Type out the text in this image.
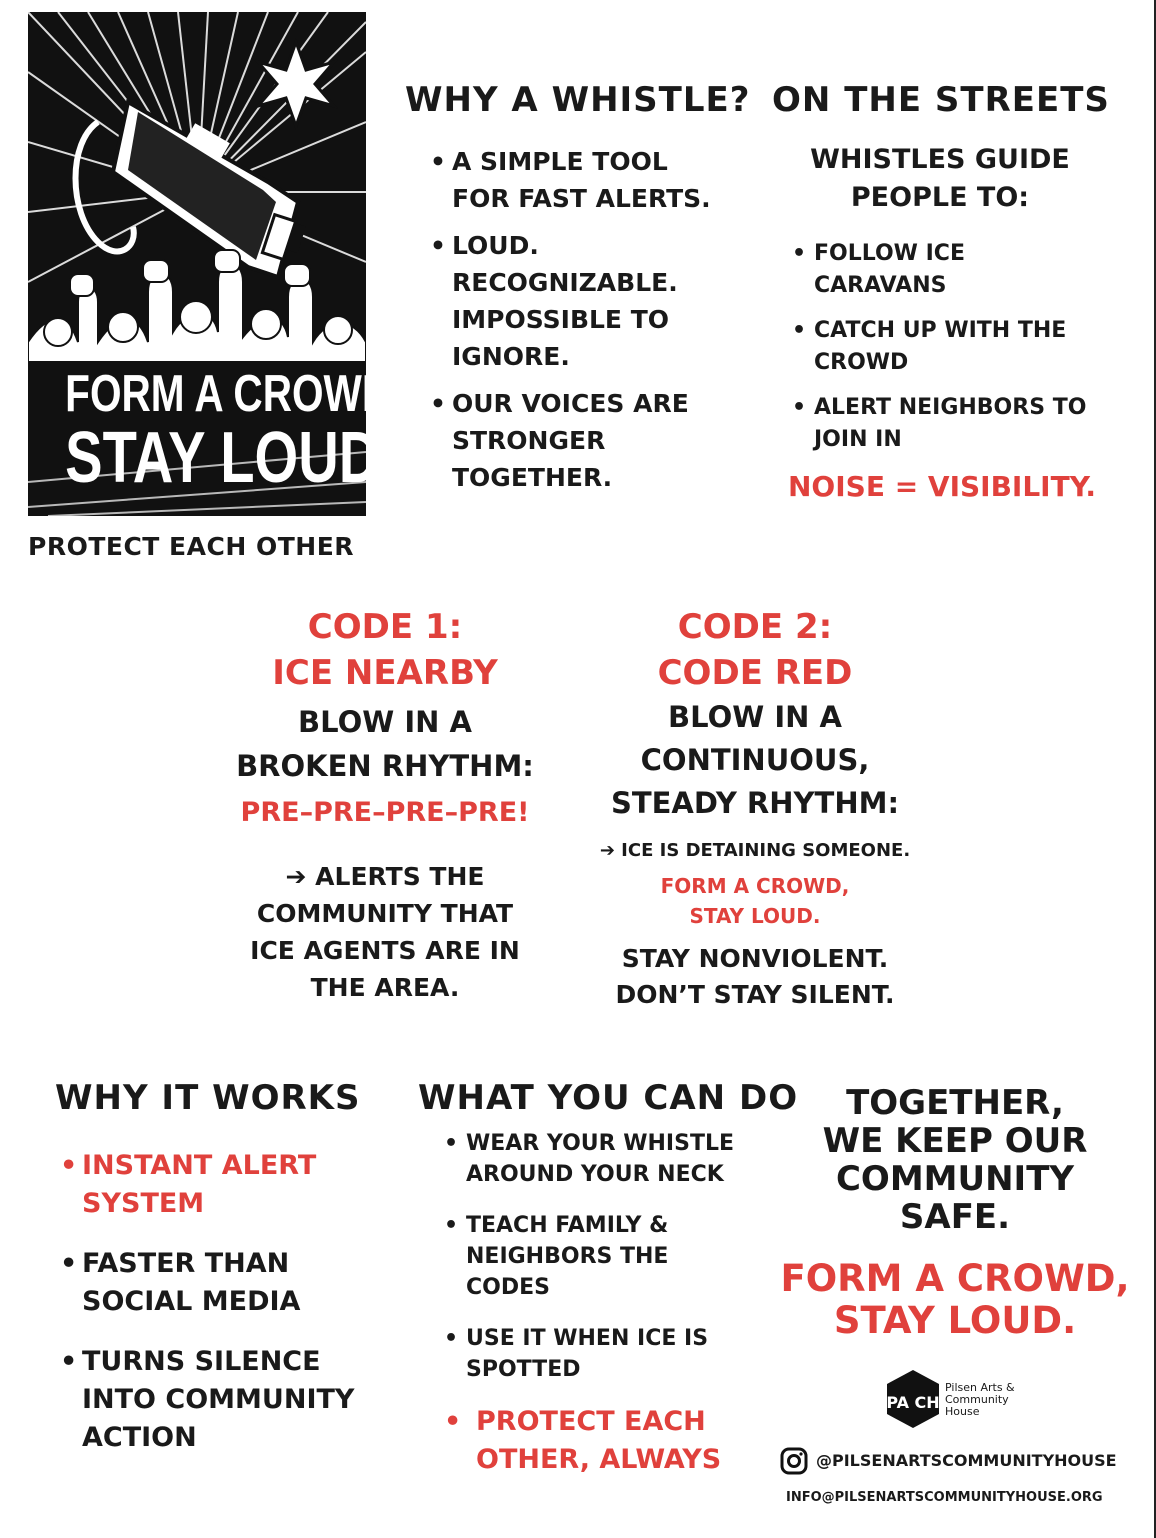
FORM A CROWD
STAY LOUD
PROTECT EACH OTHER
WHY A WHISTLE?
• A SIMPLE TOOL
FOR FAST ALERTS.
• LOUD.
RECOGNIZABLE.
IMPOSSIBLE TO
IGNORE.
• OUR VOICES ARE
STRONGER
TOGETHER.
ON THE STREETS
WHISTLES GUIDE
PEOPLE TO:
• FOLLOW ICE
CARAVANS
• CATCH UP WITH THE
CROWD
• ALERT NEIGHBORS TO
JOIN IN
NOISE = VISIBILITY.
CODE 1:
ICE NEARBY
BLOW IN A
BROKEN RHYTHM:
PRE–PRE–PRE–PRE!
➔ ALERTS THE
COMMUNITY THAT
ICE AGENTS ARE IN
THE AREA.
CODE 2:
CODE RED
BLOW IN A
CONTINUOUS,
STEADY RHYTHM:
➔ ICE IS DETAINING SOMEONE.
FORM A CROWD,
STAY LOUD.
STAY NONVIOLENT.
DON’T STAY SILENT.
WHY IT WORKS
• INSTANT ALERT
SYSTEM
• FASTER THAN
SOCIAL MEDIA
• TURNS SILENCE
INTO COMMUNITY
ACTION
WHAT YOU CAN DO
• WEAR YOUR WHISTLE
AROUND YOUR NECK
• TEACH FAMILY &
NEIGHBORS THE
CODES
• USE IT WHEN ICE IS
SPOTTED
• PROTECT EACH
OTHER, ALWAYS
TOGETHER,
WE KEEP OUR
COMMUNITY
SAFE.
FORM A CROWD,
STAY LOUD.
PA CH
Pilsen Arts &
Community
House
@PILSENARTSCOMMUNITYHOUSE
INFO@PILSENARTSCOMMUNITYHOUSE.ORG
